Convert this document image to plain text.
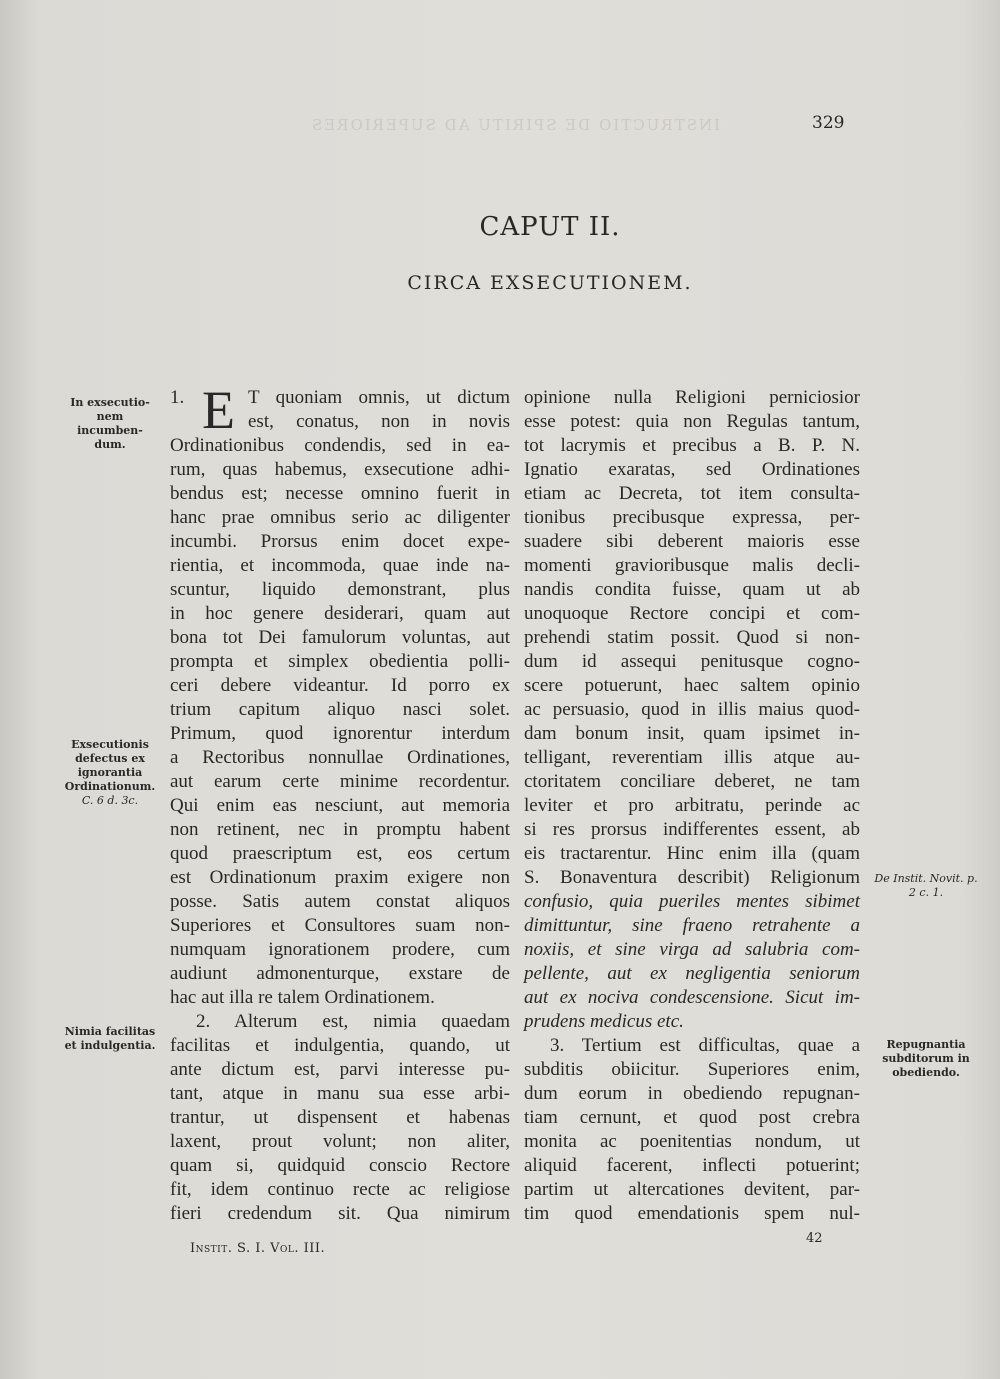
INSTRUCTIO DE SPIRITU AD SUPERIORES	329
CAPUT II.
CIRCA EXSECUTIONEM.
In exsecutio- nem incumben- dum.
Exsecutionis defectus ex ignorantia Ordinationum.
C. 6 d. 3c.
Nimia facilitas et indulgentia.
De Instit. Novit. p. 2 c. 1.
Repugnantia subditorum in obediendo.
1. E T quoniam omnis, ut dictum
est, conatus, non in novis
Ordinationibus condendis, sed in ea-
rum, quas habemus, exsecutione adhi-
bendus est; necesse omnino fuerit in
hanc prae omnibus serio ac diligenter
incumbi. Prorsus enim docet expe-
rientia, et incommoda, quae inde na-
scuntur, liquido demonstrant, plus
in hoc genere desiderari, quam aut
bona tot Dei famulorum voluntas, aut
prompta et simplex obedientia polli-
ceri debere videantur. Id porro ex
trium capitum aliquo nasci solet.
Primum, quod ignorentur interdum
a Rectoribus nonnullae Ordinationes,
aut earum certe minime recordentur.
Qui enim eas nesciunt, aut memoria
non retinent, nec in promptu habent
quod praescriptum est, eos certum
est Ordinationum praxim exigere non
posse. Satis autem constat aliquos
Superiores et Consultores suam non-
numquam ignorationem prodere, cum
audiunt admonenturque, exstare de
hac aut illa re talem Ordinationem.
2. Alterum est, nimia quaedam
facilitas et indulgentia, quando, ut
ante dictum est, parvi interesse pu-
tant, atque in manu sua esse arbi-
trantur, ut dispensent et habenas
laxent, prout volunt; non aliter,
quam si, quidquid conscio Rectore
fit, idem continuo recte ac religiose
fieri credendum sit. Qua nimirum
opinione nulla Religioni perniciosior
esse potest: quia non Regulas tantum,
tot lacrymis et precibus a B. P. N.
Ignatio exaratas, sed Ordinationes
etiam ac Decreta, tot item consulta-
tionibus precibusque expressa, per-
suadere sibi deberent maioris esse
momenti gravioribusque malis decli-
nandis condita fuisse, quam ut ab
unoquoque Rectore concipi et com-
prehendi statim possit. Quod si non-
dum id assequi penitusque cogno-
scere potuerunt, haec saltem opinio
ac persuasio, quod in illis maius quod-
dam bonum insit, quam ipsimet in-
telligant, reverentiam illis atque au-
ctoritatem conciliare deberet, ne tam
leviter et pro arbitratu, perinde ac
si res prorsus indifferentes essent, ab
eis tractarentur. Hinc enim illa (quam
S. Bonaventura describit) Religionum
confusio, quia pueriles mentes sibimet
dimittuntur, sine fraeno retrahente a
noxiis, et sine virga ad salubria com-
pellente, aut ex negligentia seniorum
aut ex nociva condescensione. Sicut im-
prudens medicus etc.
3. Tertium est difficultas, quae a
subditis obiicitur. Superiores enim,
dum eorum in obediendo repugnan-
tiam cernunt, et quod post crebra
monita ac poenitentias nondum, ut
aliquid facerent, inflecti potuerint;
partim ut altercationes devitent, par-
tim quod emendationis spem nul-
Instit. S. I. Vol. III.
42
